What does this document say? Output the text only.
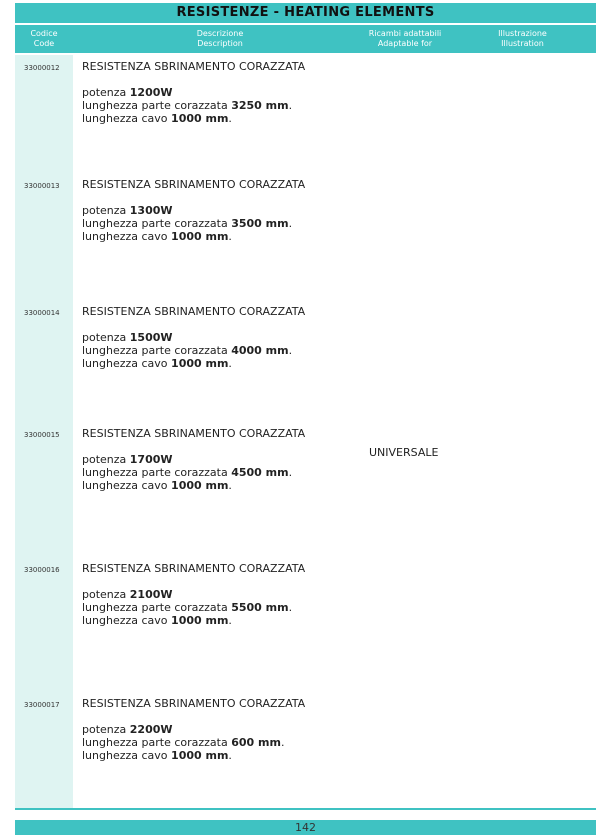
RESISTENZE - HEATING ELEMENTS
Codice
Code
Descrizione
Description
Ricambi adattabili
Adaptable for
Illustrazione
Illustration
33000012 RESISTENZA SBRINAMENTO CORAZZATA
potenza 1200W
lunghezza parte corazzata 3250 mm.
lunghezza cavo 1000 mm.
33000013 RESISTENZA SBRINAMENTO CORAZZATA
potenza 1300W
lunghezza parte corazzata 3500 mm.
lunghezza cavo 1000 mm.
33000014 RESISTENZA SBRINAMENTO CORAZZATA
potenza 1500W
lunghezza parte corazzata 4000 mm.
lunghezza cavo 1000 mm.
33000015 RESISTENZA SBRINAMENTO CORAZZATA
potenza 1700W
lunghezza parte corazzata 4500 mm.
lunghezza cavo 1000 mm.
33000016 RESISTENZA SBRINAMENTO CORAZZATA
potenza 2100W
lunghezza parte corazzata 5500 mm.
lunghezza cavo 1000 mm.
33000017 RESISTENZA SBRINAMENTO CORAZZATA
potenza 2200W
lunghezza parte corazzata 600 mm.
lunghezza cavo 1000 mm.
UNIVERSALE
142
